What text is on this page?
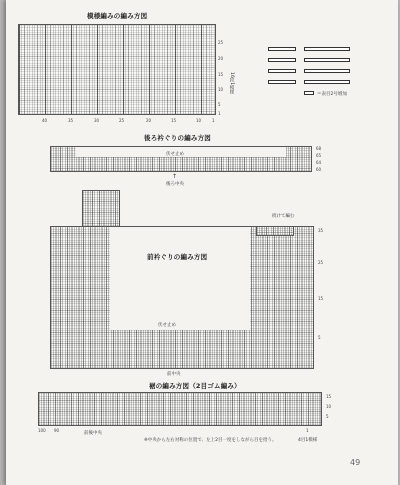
模様編みの編み方図
16段1模様
25
20
15
10
5
1
40	35	30	25	20	15	10	1
＝表目2号増加
後ろ衿ぐりの編み方図
伏せ止め
↑
後ろ中央
68
65
64
60
前衿ぐりの編み方図
伏せ止め
続けて編む
前中央
35
25
15
5
裾の編み方図（2目ゴム編み）
※中央から左右対称の位置で、左上2目一度をしながら目を拾う。
前後中央
4目1模様
100 90	1
15
10
5
49
